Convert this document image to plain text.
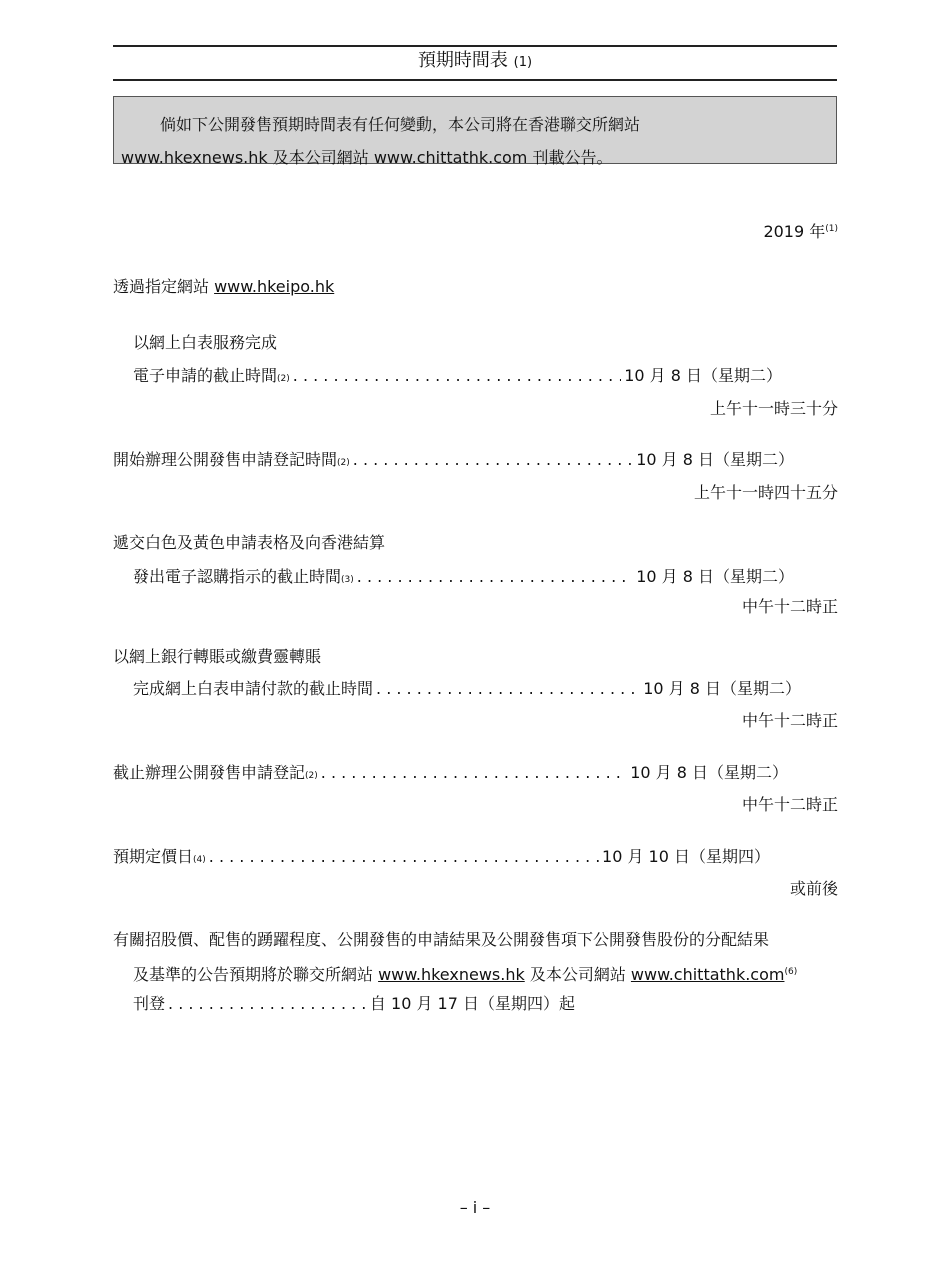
預期時間表 (1)
倘如下公開發售預期時間表有任何變動，本公司將在香港聯交所網站
www.hkexnews.hk 及本公司網站 www.chittathk.com 刊載公告。
2019 年$^{(1)}$
透過指定網站 www.hkeipo.hk
以網上白表服務完成
電子申請的截止時間 (2) . . .	10 月 8 日（星期二）
上午十一時三十分
開始辦理公開發售申請登記時間 (2) . . .	10 月 8 日（星期二）
上午十一時四十五分
遞交白色及黃色申請表格及向香港結算
發出電子認購指示的截止時間 (3) . . .	10 月 8 日（星期二）
中午十二時正
以網上銀行轉賬或繳費靈轉賬
完成網上白表申請付款的截止時間 . . .	10 月 8 日（星期二）
中午十二時正
截止辦理公開發售申請登記 (2) . . .	10 月 8 日（星期二）
中午十二時正
預期定價日 (4) . . .	10 月 10 日（星期四）
或前後
有關招股價、配售的踴躍程度、公開發售的申請結果及公開發售項下公開發售股份的分配結果
及基準的公告預期將於聯交所網站 www.hkexnews.hk 及本公司網站 www.chittathk.com$^{(6)}$
刊登 . . .	自 10 月 17 日（星期四）起
– i –
